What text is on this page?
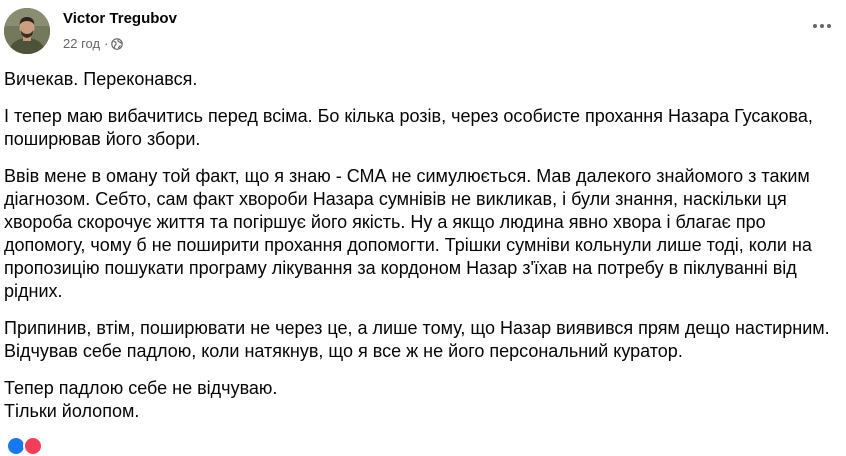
Victor Tregubov
22 год ·

Вичекав. Переконався.

І тепер маю вибачитись перед всіма. Бо кілька розів, через особисте прохання Назара Гусакова, поширював його збори.

Ввів мене в оману той факт, що я знаю - СМА не симулюється. Мав далекого знайомого з таким діагнозом. Себто, сам факт хвороби Назара сумнівів не викликав, і були знання, наскільки ця хвороба скорочує життя та погіршує його якість. Ну а якщо людина явно хвора і благає про допомогу, чому б не поширити прохання допомогти. Трішки сумніви кольнули лише тоді, коли на пропозицію пошукати програму лікування за кордоном Назар з'їхав на потребу в піклуванні від рідних.

Припинив, втім, поширювати не через це, а лише тому, що Назар виявився прям дещо настирним. Відчував себе падлою, коли натякнув, що я все ж не його персональний куратор.

Тепер падлою себе не відчуваю.
Тільки йолопом.
